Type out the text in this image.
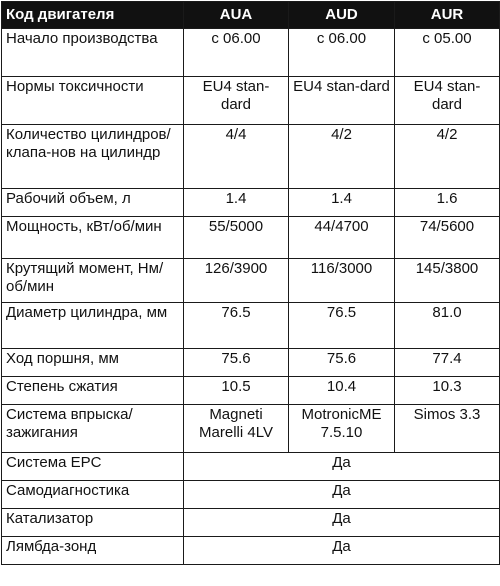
Код двигателя	AUA	AUD	AUR
Начало производства	с 06.00	с 06.00	с 05.00
Нормы токсичности	EU4 stan-dard	EU4 stan-dard	EU4 stan-dard
Количество цилиндров/клапа-нов на цилиндр	4/4	4/2	4/2
Рабочий объем, л	1.4	1.4	1.6
Мощность, кВт/об/мин	55/5000	44/4700	74/5600
Крутящий момент, Нм/об/мин	126/3900	116/3000	145/3800
Диаметр цилиндра, мм	76.5	76.5	81.0
Ход поршня, мм	75.6	75.6	77.4
Степень сжатия	10.5	10.4	10.3
Система впрыска/ зажигания	Magneti Marelli 4LV	MotronicME 7.5.10	Simos 3.3
Система EPC	Да		
Самодиагностика	Да		
Катализатор	Да		
Лямбда-зонд	Да		
